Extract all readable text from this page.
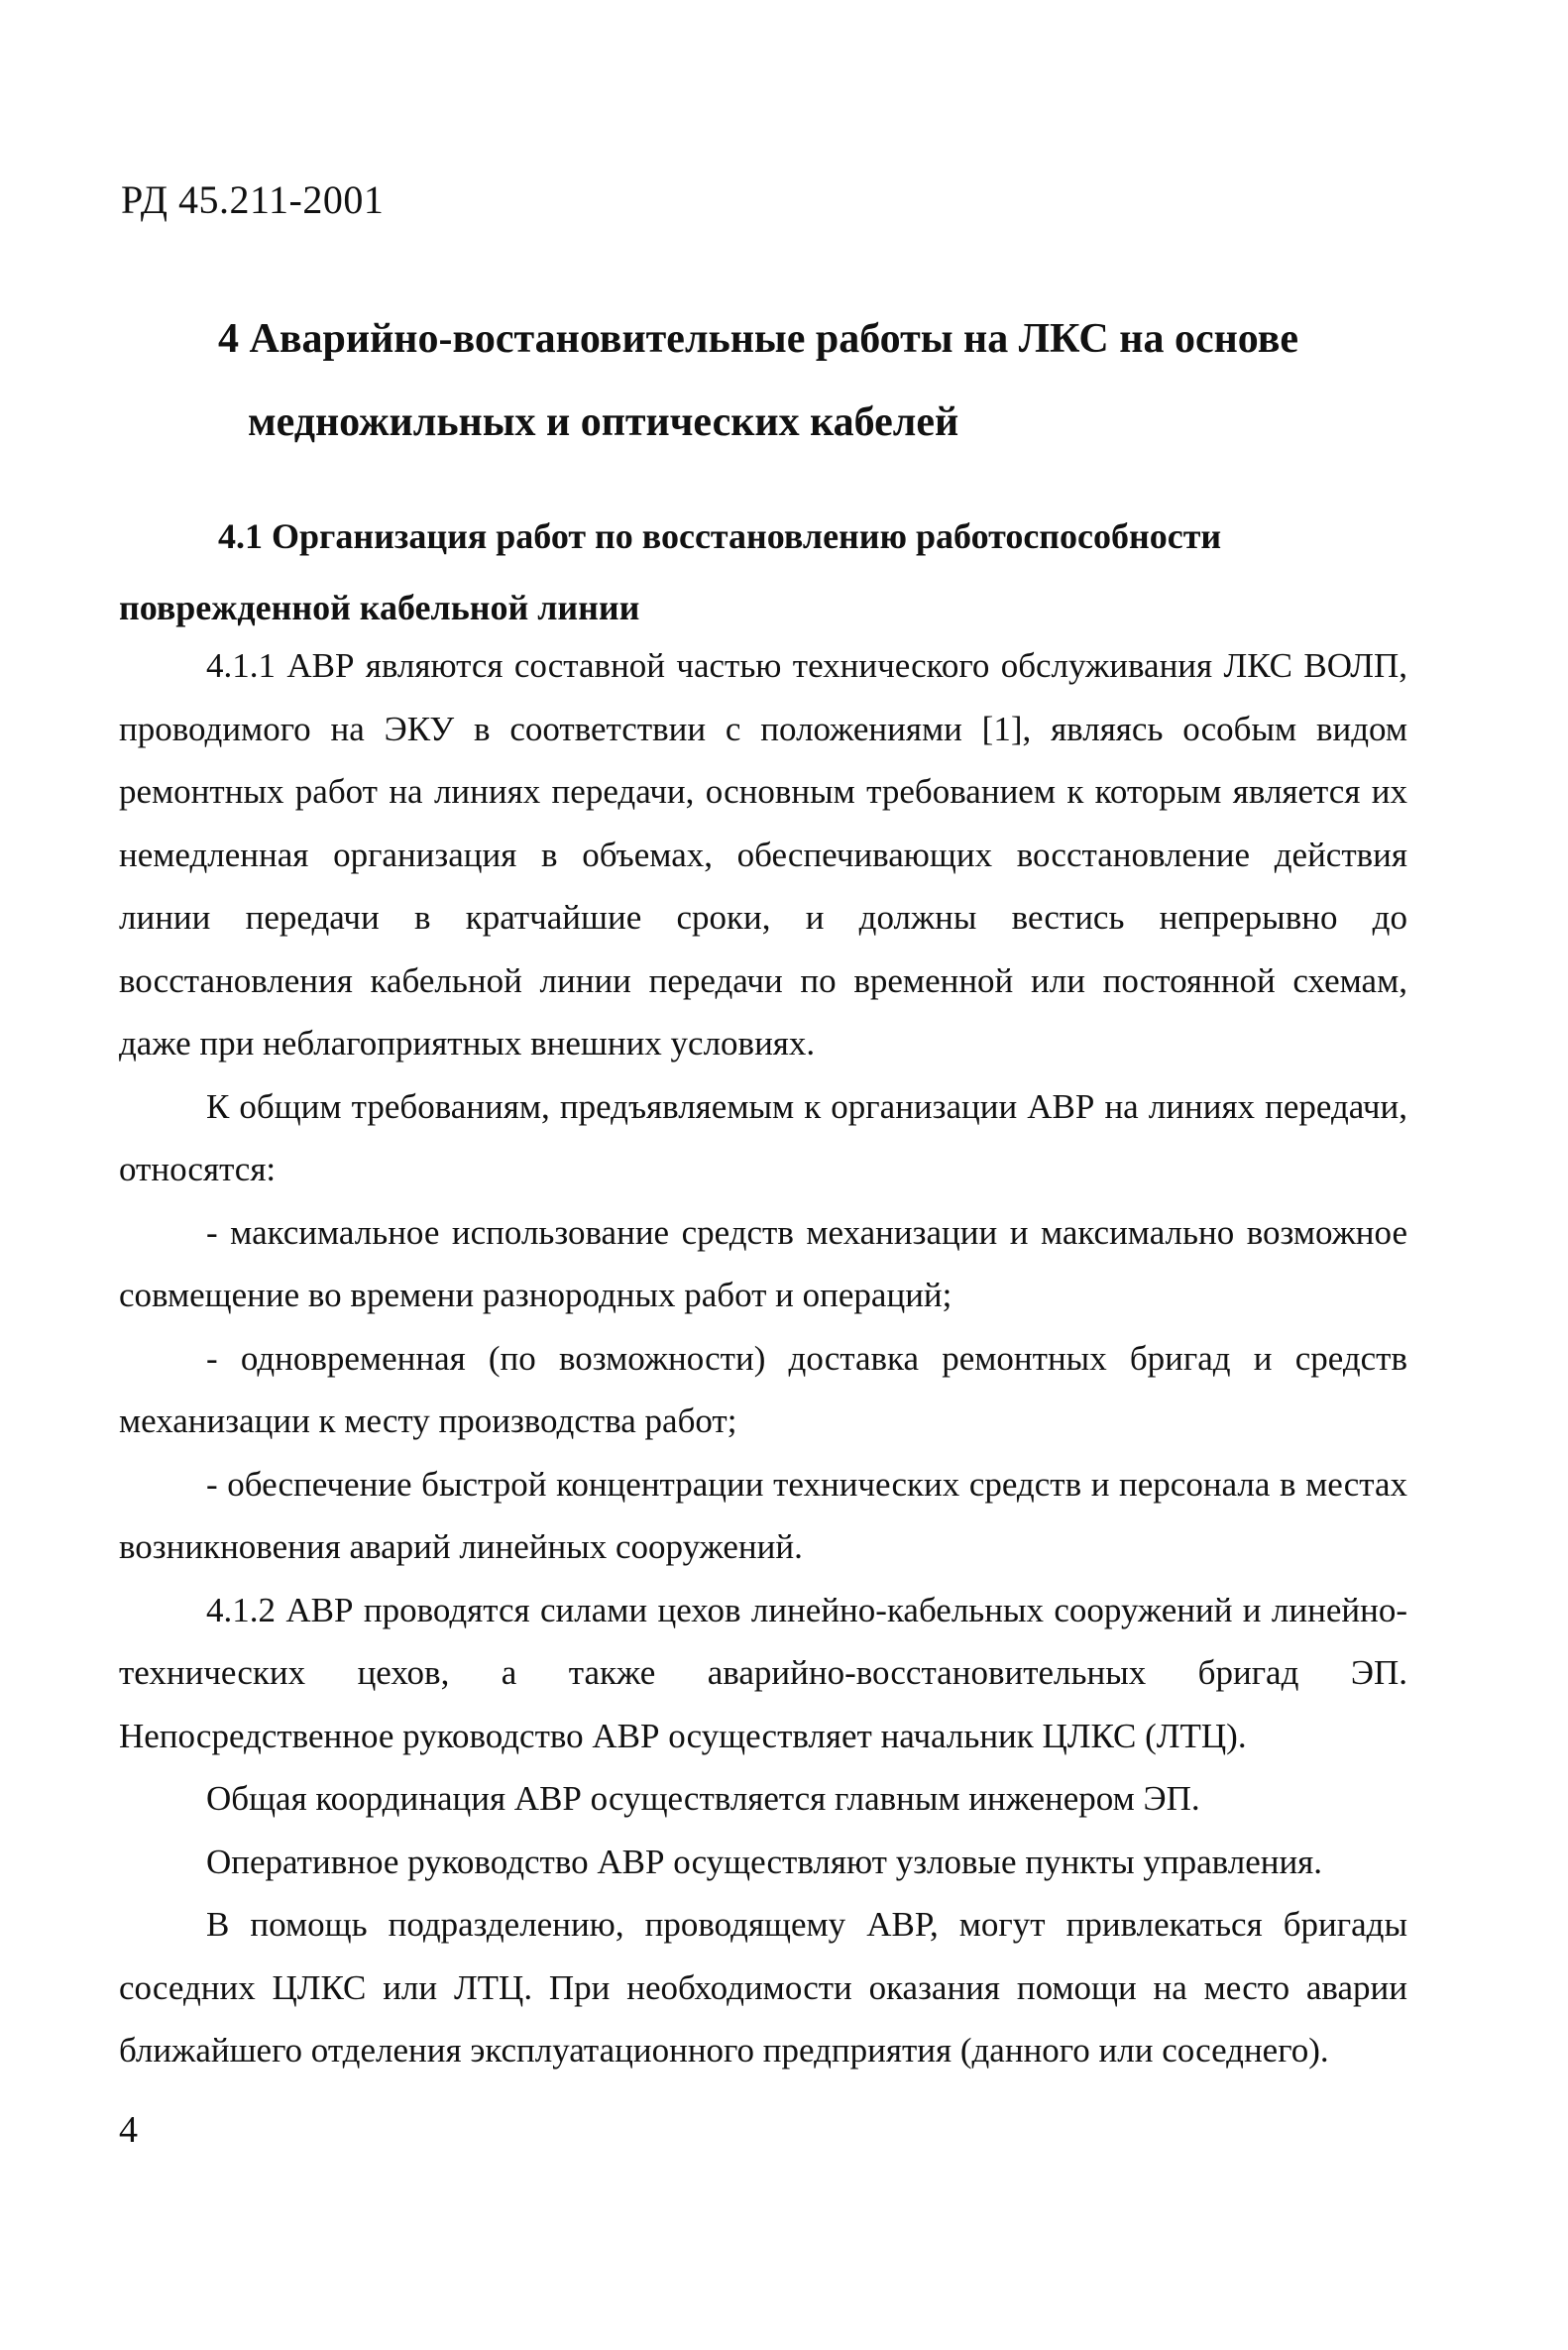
РД 45.211-2001
4 Аварийно-востановительные работы на ЛКС на основе
медножильных и оптических кабелей
4.1 Организация работ по восстановлению работоспособности
поврежденной кабельной линии

4.1.1 АВР являются составной частью технического обслуживания ЛКС ВОЛП, проводимого на ЭКУ в соответствии с положениями [1], являясь особым видом ремонтных работ на линиях передачи, основным требованием к которым является их немедленная организация в объемах, обеспечивающих восстановление действия линии передачи в кратчайшие сроки, и должны вестись непрерывно до восстановления кабельной линии передачи по временной или постоянной схемам, даже при неблагоприятных внешних условиях.

К общим требованиям, предъявляемым к организации АВР на линиях передачи, относятся:

- максимальное использование средств механизации и максимально возможное совмещение во времени разнородных работ и операций;

- одновременная (по возможности) доставка ремонтных бригад и средств механизации к месту производства работ;

- обеспечение быстрой концентрации технических средств и персонала в местах возникновения аварий линейных сооружений.

4.1.2 АВР проводятся силами цехов линейно-кабельных сооружений и линейно-технических цехов, а также аварийно-восстановительных бригад ЭП. Непосредственное руководство АВР осуществляет начальник ЦЛКС (ЛТЦ).

Общая координация АВР осуществляется главным инженером ЭП.

Оперативное руководство АВР осуществляют узловые пункты управления.

В помощь подразделению, проводящему АВР, могут привлекаться бригады соседних ЦЛКС или ЛТЦ. При необходимости оказания помощи на место аварии ближайшего отделения эксплуатационного предприятия (данного или соседнего).

4
